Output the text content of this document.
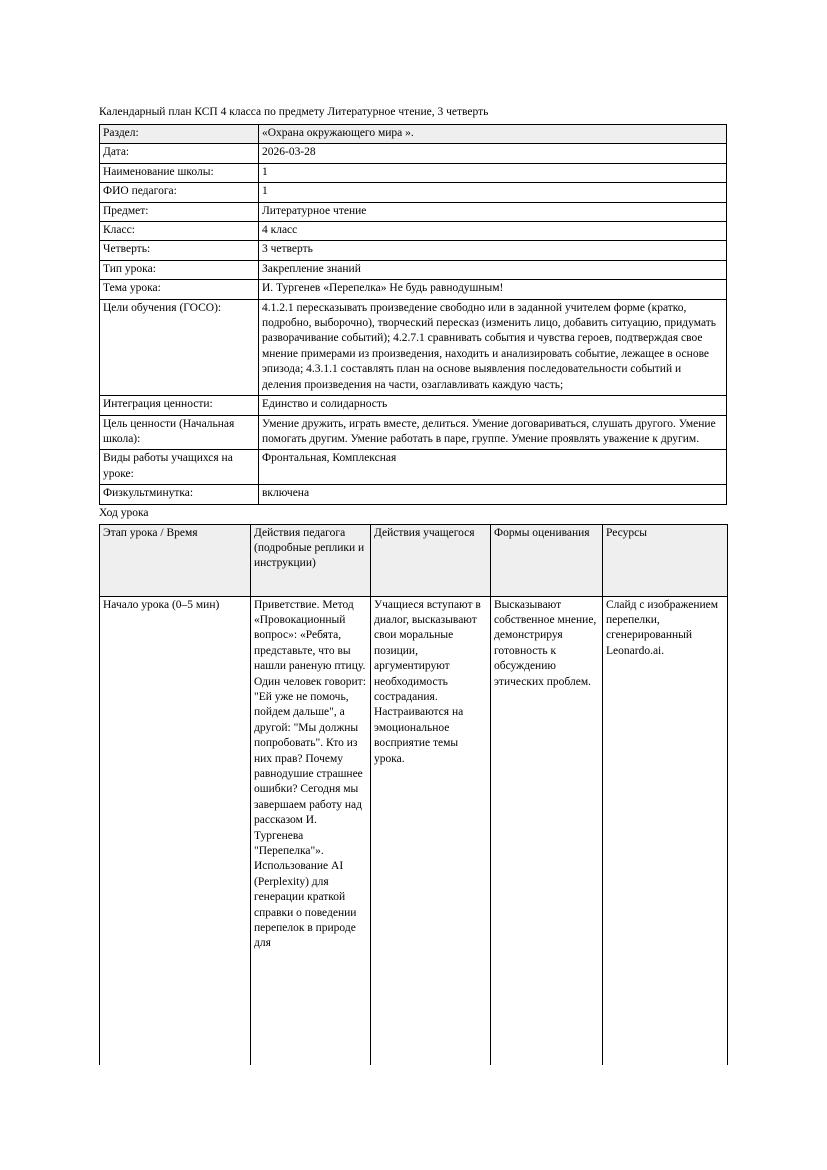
Календарный план КСП 4 класса по предмету Литературное чтение, 3 четверть

Раздел:	«Охрана окружающего мира ».
Дата:	2026-03-28
Наименование школы:	1
ФИО педагога:	1
Предмет:	Литературное чтение
Класс:	4 класс
Четверть:	3 четверть
Тип урока:	Закрепление знаний
Тема урока:	И. Тургенев «Перепелка» Не будь равнодушным!
Цели обучения (ГОСО):	4.1.2.1 пересказывать произведение свободно или в заданной учителем форме (кратко, подробно, выборочно), творческий пересказ (изменить лицо, добавить ситуацию, придумать разворачивание событий); 4.2.7.1 сравнивать события и чувства героев, подтверждая свое мнение примерами из произведения, находить и анализировать событие, лежащее в основе эпизода; 4.3.1.1 составлять план на основе выявления последовательности событий и деления произведения на части, озаглавливать каждую часть;
Интеграция ценности:	Единство и солидарность
Цель ценности (Начальная школа):	Умение дружить, играть вместе, делиться. Умение договариваться, слушать другого. Умение помогать другим. Умение работать в паре, группе. Умение проявлять уважение к другим.
Виды работы учащихся на уроке:	Фронтальная, Комплексная
Физкультминутка:	включена

Ход урока

Этап урока / Время	Действия педагога (подробные реплики и инструкции)	Действия учащегося	Формы оценивания	Ресурсы
Начало урока (0–5 мин)	Приветствие. Метод «Провокационный вопрос»: «Ребята, представьте, что вы нашли раненую птицу. Один человек говорит: "Ей уже не помочь, пойдем дальше", а другой: "Мы должны попробовать". Кто из них прав? Почему равнодушие страшнее ошибки? Сегодня мы завершаем работу над рассказом И. Тургенева "Перепелка"». Использование AI (Perplexity) для генерации краткой справки о поведении перепелок в природе для	Учащиеся вступают в диалог, высказывают свои моральные позиции, аргументируют необходимость сострадания. Настраиваются на эмоциональное восприятие темы урока.	Высказывают собственное мнение, демонстрируя готовность к обсуждению этических проблем.	Слайд с изображением перепелки, сгенерированный Leonardo.ai.
